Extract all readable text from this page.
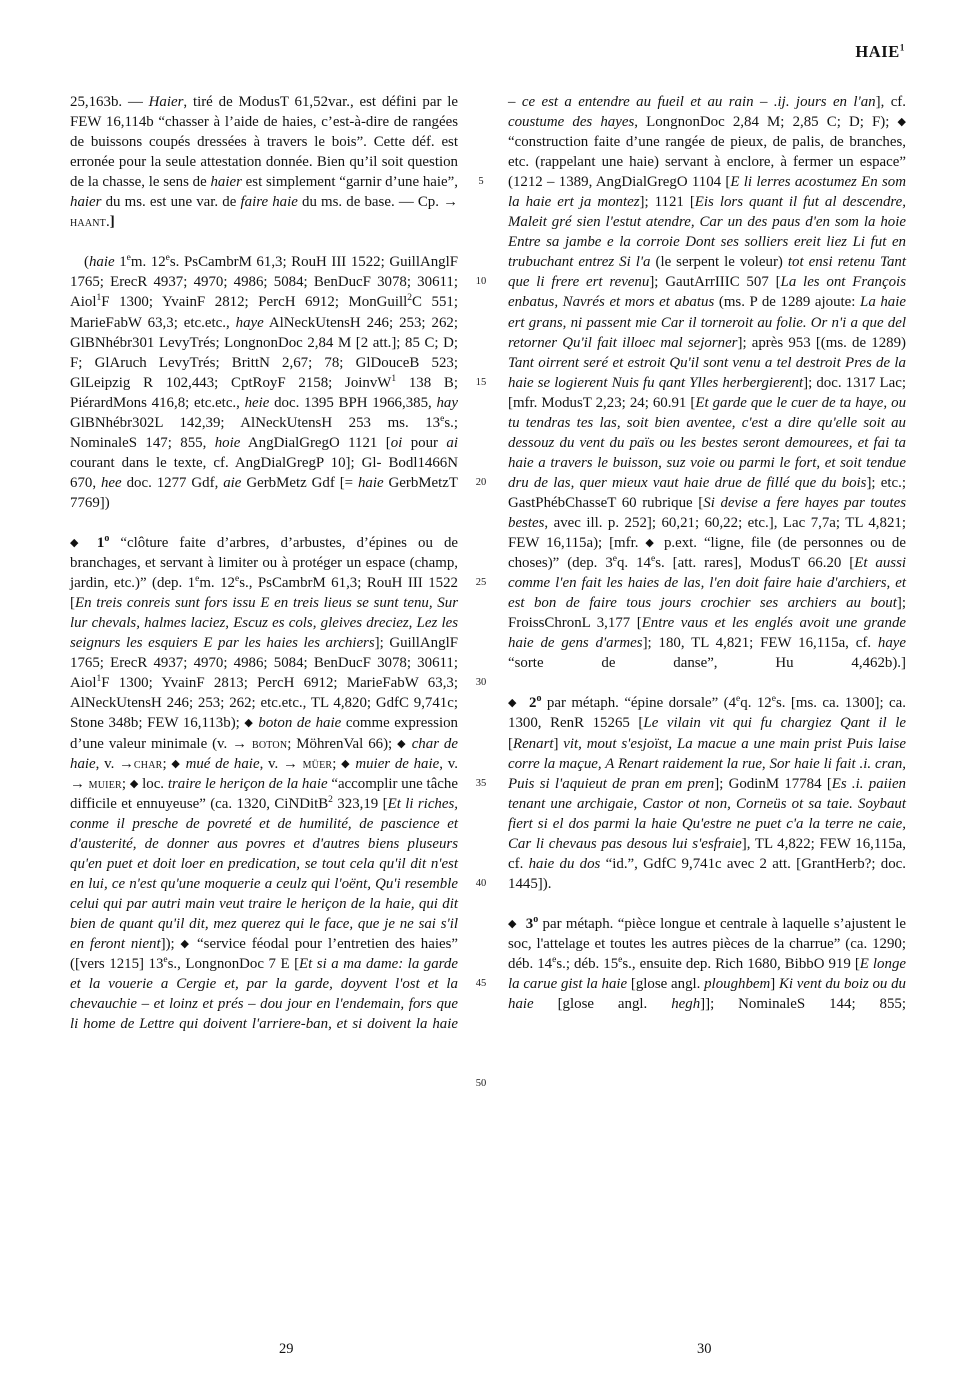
HAIE$^1$

25,163b. — Haier, tiré de ModusT 61,52var., est défini par le FEW 16,114b “chasser à l’aide de haies, c’est-à-dire de rangées de buissons coupés dressées à travers le bois”. Cette déf. est erronée pour la seule attestation donnée. Bien qu’il soit question de la chasse, le sens de haier est simplement “garnir d’une haie”, haier du ms. est une var. de faire haie du ms. de base. — Cp. → haant.]

(haie 1em. 12es. PsCambrM 61,3; RouH III 1522; GuillAnglF 1765; ErecR 4937; 4970; 4986; 5084; BenDucF 3078; 30611; Aiol$^1$F 1300; YvainF 2812; PercH 6912; MonGuill$^2$C 551; MarieFabW 63,3; etc.etc., haye AlNeckUtensH 246; 253; 262; GlBNhébr301 LevyTrés; LongnonDoc 2,84 M [2 att.]; 85 C; D; F; GlAruch LevyTrés; BrittN 2,67; 78; GlDouceB 523; GlLeipzig R 102,443; CptRoyF 2158; JoinvW$^1$ 138 B; PiérardMons 416,8; etc.etc., heie doc. 1395 BPH 1966,385, hay GlBNhébr302L 142,39; AlNeckUtensH 253 ms. 13es.; NominaleS 147; 855, hoie AngDialGregO 1121 [oi pour ai courant dans le texte, cf. AngDialGregP 10]; Gl- Bodl1466N 670, hee doc. 1277 Gdf, aie GerbMetz Gdf [= haie GerbMetzT 7769])

◆ 1$^o$ “clôture faite d’arbres, d’arbustes, d’épines ou de branchages, et servant à limiter ou à protéger un espace (champ, jardin, etc.)” (dep. 1em. 12es., PsCambrM 61,3; RouH III 1522 [En treis conreis sunt fors issu E en treis lieus se sunt tenu, Sur lur chevals, halmes laciez, Escuz es cols, gleives dreciez, Lez les seignurs les esquiers E par les haies les archiers]; GuillAnglF 1765; ErecR 4937; 4970; 4986; 5084; BenDucF 3078; 30611; Aiol$^1$F 1300; YvainF 2813; PercH 6912; MarieFabW 63,3; AlNeckUtensH 246; 253; 262; etc.etc., TL 4,820; GdfC 9,741c; Stone 348b; FEW 16,113b); ◆ boton de haie comme expression d’une valeur minimale (v. → boton; MöhrenVal 66); ◆ char de haie, v. →char; ◆ mué de haie, v. → müer; ◆ muier de haie, v. → muier; ◆ loc. traire le heriçon de la haie “accomplir une tâche difficile et ennuyeuse” (ca. 1320, CiNDitB$^2$ 323,19 [Et li riches, conme il presche de povreté et de humilité, de pascience et d'austerité, de donner aus povres et d'autres biens pluseurs qu'en puet et doit loer en predication, se tout cela qu'il dit n'est en lui, ce n'est qu'une moquerie a ceulz qui l'oënt, Qu'i resemble celui qui par autri main veut traire le heriçon de la haie, qui dit bien de quant qu'il dit, mez querez qui le face, que je ne sai s'il en feront nient]); ◆ “service féodal pour l’entretien des haies” ([vers 1215] 13es., LongnonDoc 7 E [Et si a ma dame: la garde et la vouerie a Cergie et, par la garde, doyvent l'ost et la chevauchie – et loinz et prés – dou jour en l'endemain, fors que li home de Lettre qui doivent l'arriere-ban, et si doivent la haie

5
10
15
20
25
30
35
40
45
50

– ce est a entendre au fueil et au rain – .ij. jours en l'an], cf. coustume des hayes, LongnonDoc 2,84 M; 2,85 C; D; F); ◆ “construction faite d’une rangée de pieux, de palis, de branches, etc. (rappelant une haie) servant à enclore, à fermer un espace” (1212 – 1389, AngDialGregO 1104 [E li lerres acostumez En som la haie ert ja montez]; 1121 [Eis lors quant il fut al descendre, Maleit gré sien l'estut atendre, Car un des paus d'en som la hoie Entre sa jambe e la corroie Dont ses solliers ereit liez Li fut en trubuchant entrez Si l'a (le serpent le voleur) tot ensi retenu Tant que li frere ert revenu]; GautArrIIIC 507 [La les ont François enbatus, Navrés et mors et abatus (ms. P de 1289 ajoute: La haie ert grans, ni passent mie Car il torneroit au folie. Or n'i a que del retorner Qu'il fait illoec mal sejorner]; après 953 [(ms. de 1289) Tant oirrent seré et estroit Qu'il sont venu a tel destroit Pres de la haie se logierent Nuis fu qant Ylles herbergierent]; doc. 1317 Lac; [mfr. ModusT 2,23; 24; 60.91 [Et garde que le cuer de ta haye, ou tu tendras tes las, soit bien aventee, c'est a dire qu'elle soit au dessouz du vent du païs ou les bestes seront demourees, et fai ta haie a travers le buisson, suz voie ou parmi le fort, et soit tendue dru de las, quer mieux vaut haie drue de fillé que du bois]; etc.; GastPhébChasseT 60 rubrique [Si devise a fere hayes par toutes bestes, avec ill. p. 252]; 60,21; 60,22; etc.], Lac 7,7a; TL 4,821; FEW 16,115a); [mfr. ◆ p.ext. “ligne, file (de personnes ou de choses)” (dep. 3eq. 14es. [att. rares], ModusT 66.20 [Et aussi comme l'en fait les haies de las, l'en doit faire haie d'archiers, et est bon de faire tous jours crochier ses archiers au bout]; FroissChronL 3,177 [Entre vaus et les englés avoit une grande haie de gens d'armes]; 180, TL 4,821; FEW 16,115a, cf. haye “sorte de danse”, Hu 4,462b).]

◆ 2$^o$ par métaph. “épine dorsale” (4eq. 12es. [ms. ca. 1300]; ca. 1300, RenR 15265 [Le vilain vit qui fu chargiez Qant il le [Renart] vit, mout s'esjoïst, La macue a une main prist Puis laise corre la maçue, A Renart raidement la rue, Sor haie li fait .i. cran, Puis si l'aquieut de pran em pren]; GodinM 17784 [Es .i. paiien tenant une archigaie, Castor ot non, Corneüs ot sa taie. Soybaut fiert si el dos parmi la haie Qu'estre ne puet c'a la terre ne caie, Car li chevaus pas desous lui s'esfraie], TL 4,822; FEW 16,115a, cf. haie du dos “id.”, GdfC 9,741c avec 2 att. [GrantHerb?; doc. 1445]).

◆ 3$^o$ par métaph. “pièce longue et centrale à laquelle s’ajustent le soc, l'attelage et toutes les autres pièces de la charrue” (ca. 1290; déb. 14es.; déb. 15es., ensuite dep. Rich 1680, BibbO 919 [E longe la carue gist la haie [glose angl. ploughbem] Ki vent du boiz ou du haie [glose angl. hegh]]; NominaleS 144; 855;

29	30
